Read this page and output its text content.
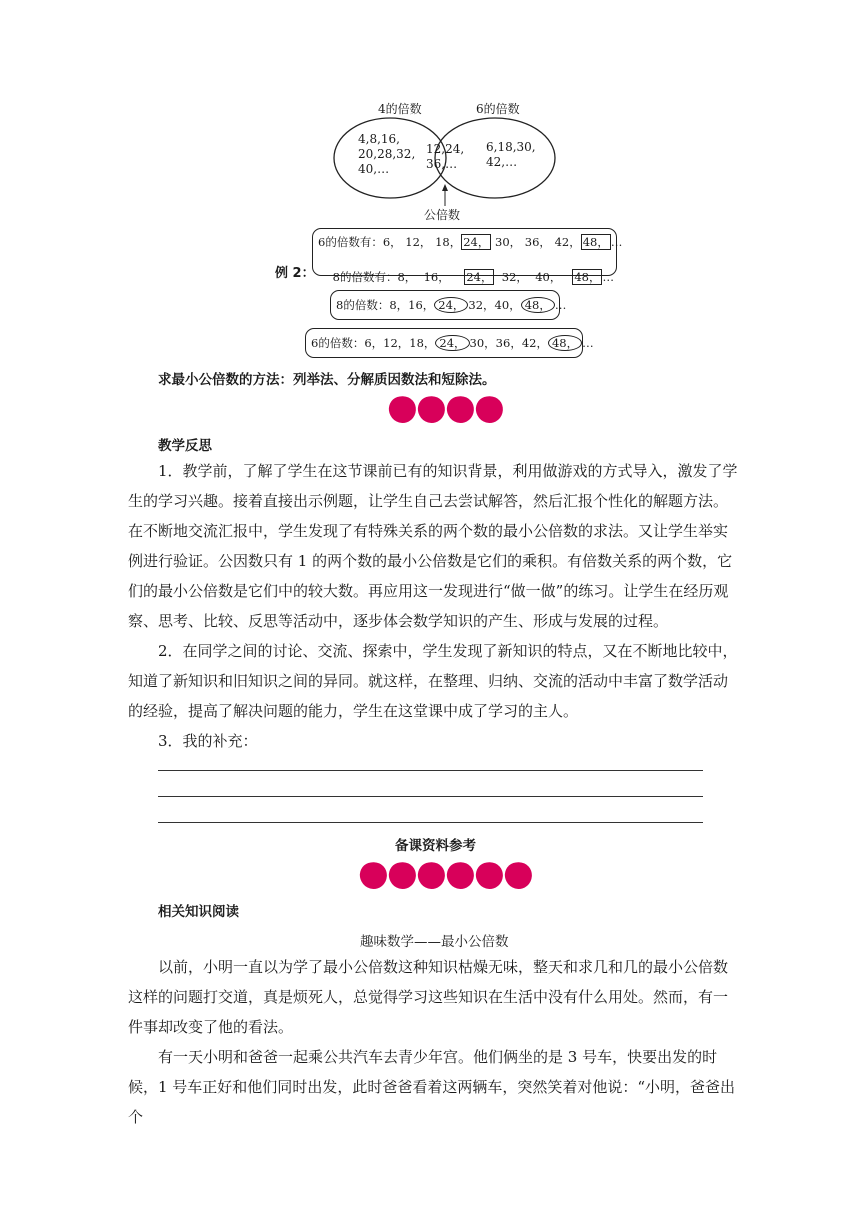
4的倍数	6的倍数
4,8,16,
20,28,32,
40,…
12,24,
36,…
6,18,30,
42,…
公倍数
例 2：
6的倍数有：6， 12， 18， 24， 30， 36， 42， 48， …

8的倍数有：8，  16，    24，  32，  40，   48， …

8的倍数：8，16， 24， 32，40， 48， …
6的倍数：6，12，18， 24， 30，36，42， 48， …
求最小公倍数的方法：列举法、分解质因数法和短除法。
教学反思

1．教学前，了解了学生在这节课前已有的知识背景，利用做游戏的方式导入，激发了学生的学习兴趣。接着直接出示例题，让学生自己去尝试解答，然后汇报个性化的解题方法。在不断地交流汇报中，学生发现了有特殊关系的两个数的最小公倍数的求法。又让学生举实例进行验证。公因数只有 1 的两个数的最小公倍数是它们的乘积。有倍数关系的两个数，它们的最小公倍数是它们中的较大数。再应用这一发现进行“做一做”的练习。让学生在经历观察、思考、比较、反思等活动中，逐步体会数学知识的产生、形成与发展的过程。

2．在同学之间的讨论、交流、探索中，学生发现了新知识的特点，又在不断地比较中，知道了新知识和旧知识之间的异同。就这样，在整理、归纳、交流的活动中丰富了数学活动的经验，提高了解决问题的能力，学生在这堂课中成了学习的主人。

3．我的补充：

备课资料参考
相关知识阅读
趣味数学——最小公倍数

以前，小明一直以为学了最小公倍数这种知识枯燥无味，整天和求几和几的最小公倍数这样的问题打交道，真是烦死人，总觉得学习这些知识在生活中没有什么用处。然而，有一件事却改变了他的看法。

有一天小明和爸爸一起乘公共汽车去青少年宫。他们俩坐的是 3 号车，快要出发的时候，1 号车正好和他们同时出发，此时爸爸看着这两辆车，突然笑着对他说：“小明，爸爸出个
